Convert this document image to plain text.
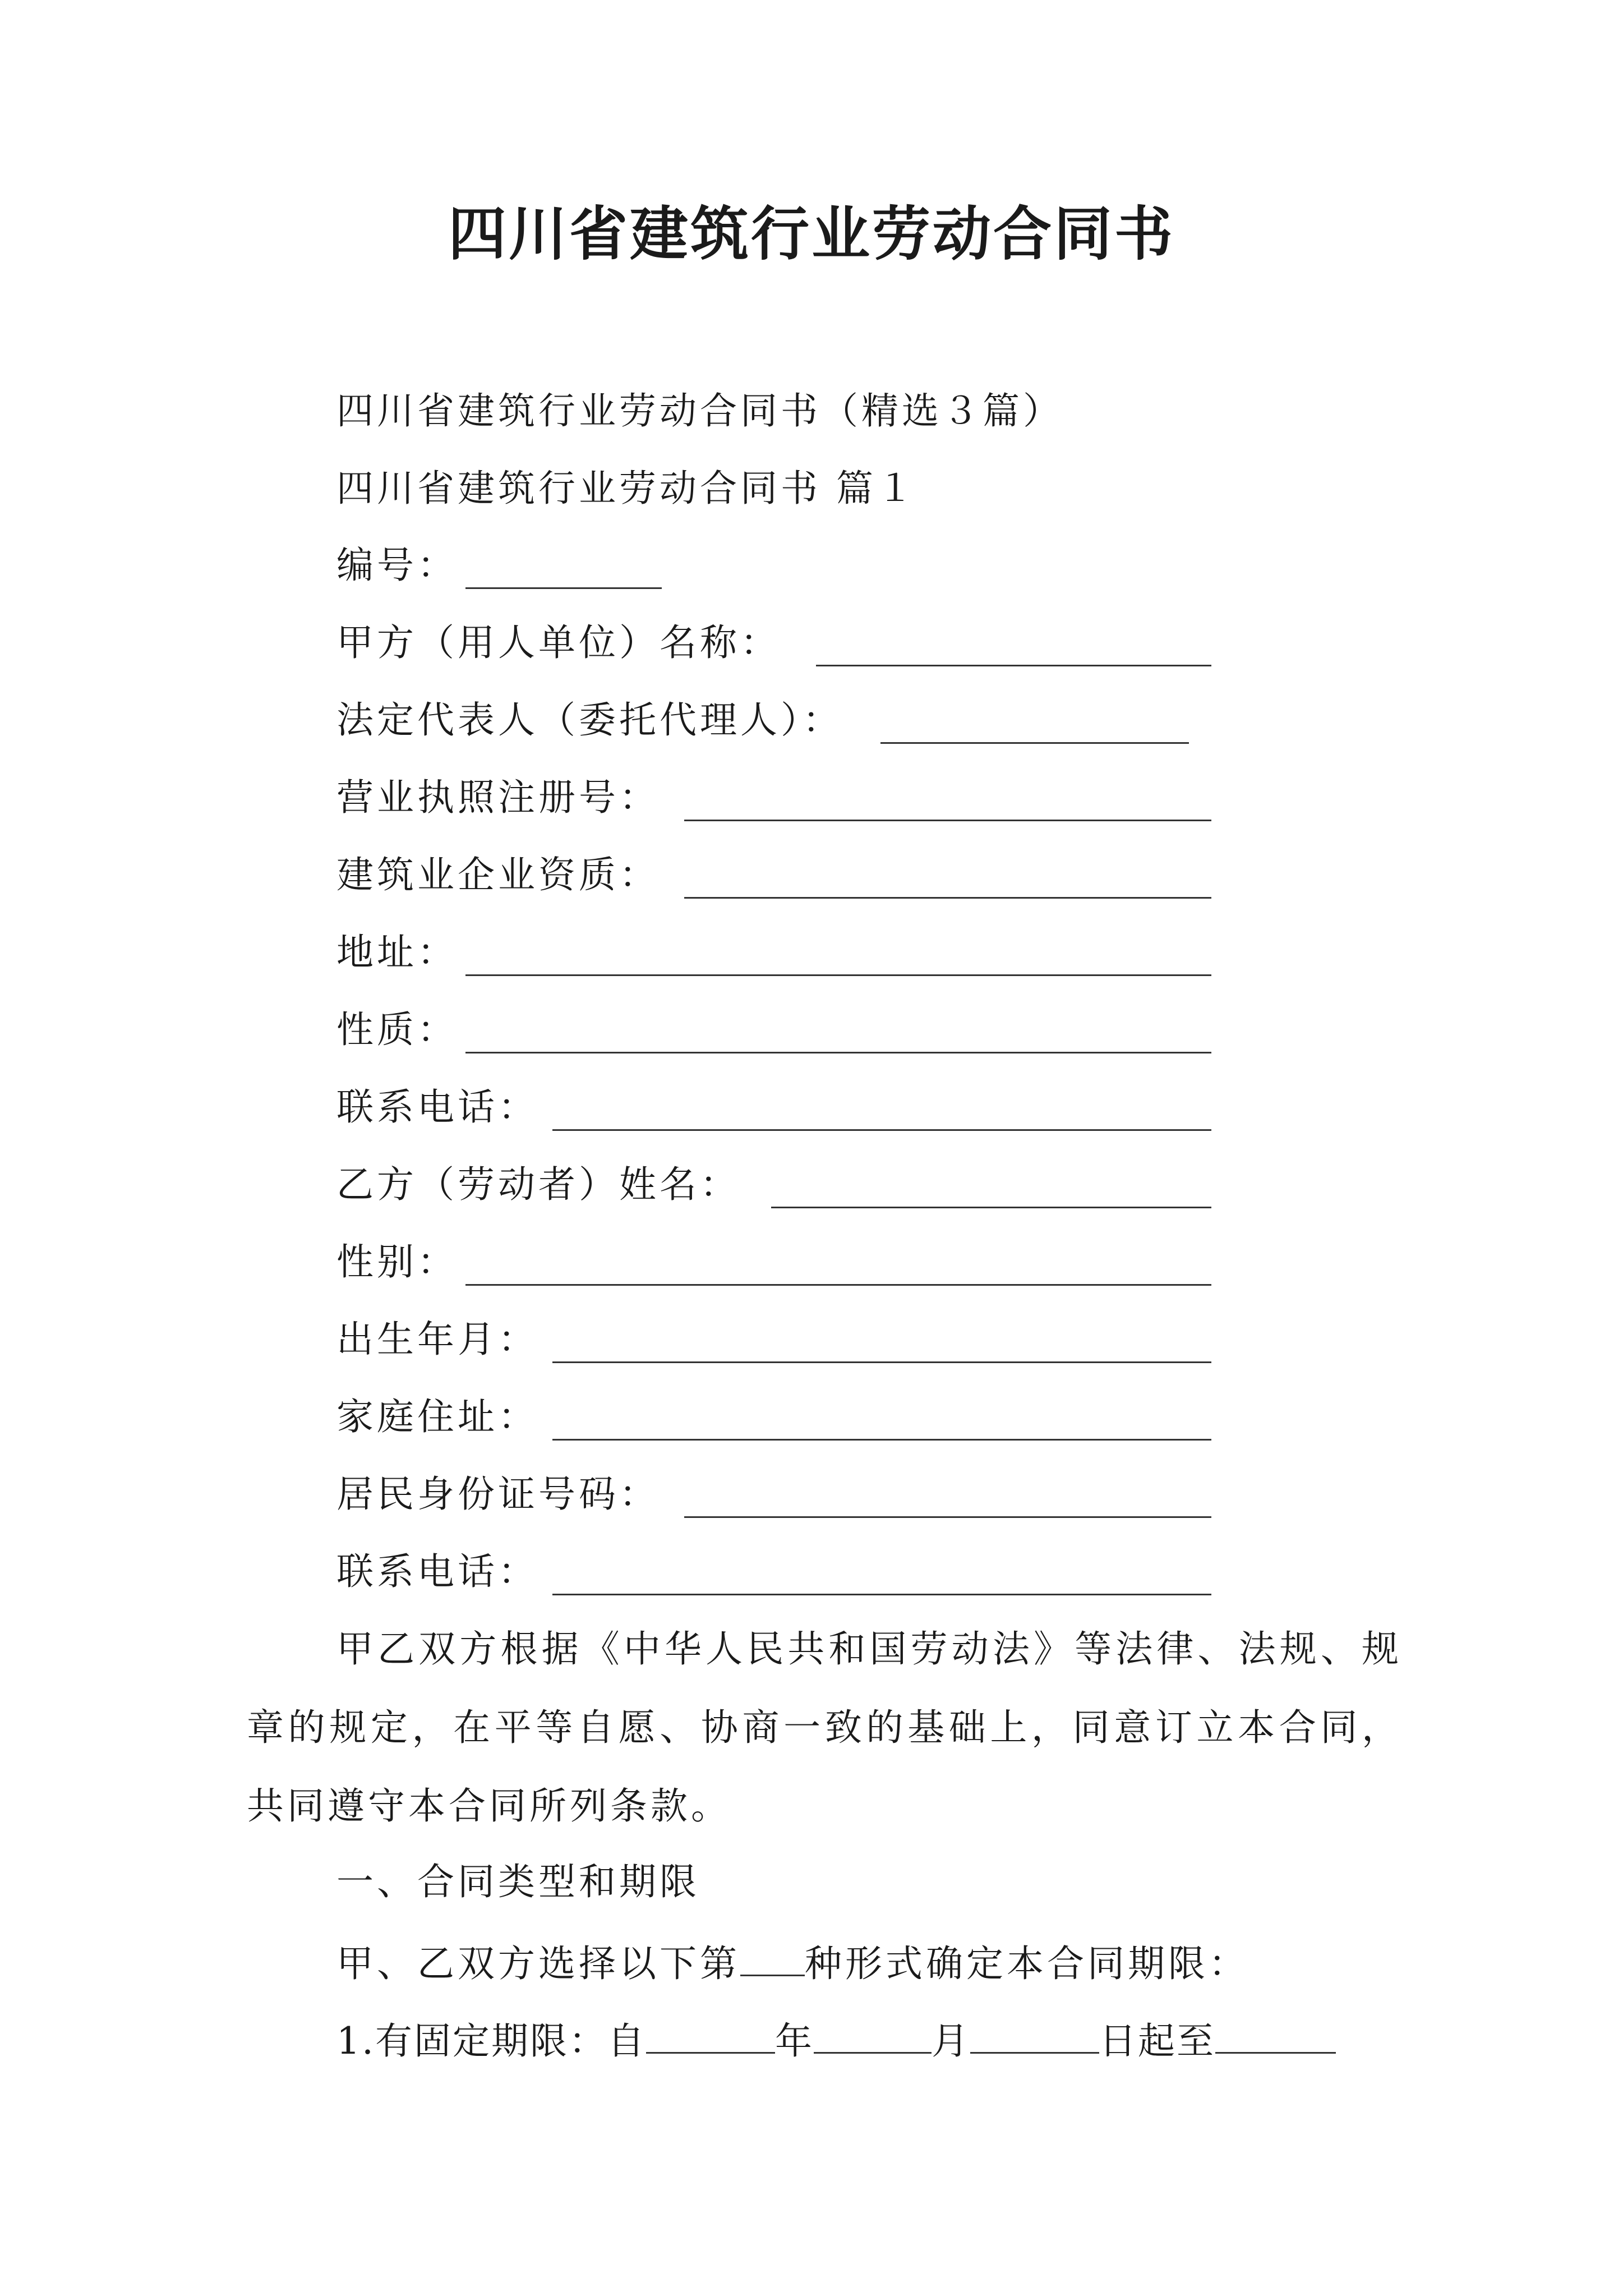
四川省建筑行业劳动合同书
四川省建筑行业劳动合同书（精选３篇）
四川省建筑行业劳动合同书 篇１
编号：
甲方（用人单位）名称：
法定代表人（委托代理人）：
营业执照注册号：
建筑业企业资质：
地址：
性质：
联系电话：
乙方（劳动者）姓名：
性别：
出生年月：
家庭住址：
居民身份证号码：
联系电话：
甲乙双方根据《中华人民共和国劳动法》等法律、法规、规章的规定，在平等自愿、协商一致的基础上，同意订立本合同，共同遵守本合同所列条款。
一、合同类型和期限
甲、乙双方选择以下第 种形式确定本合同期限：
1.有固定期限：自	年	月	日起至
